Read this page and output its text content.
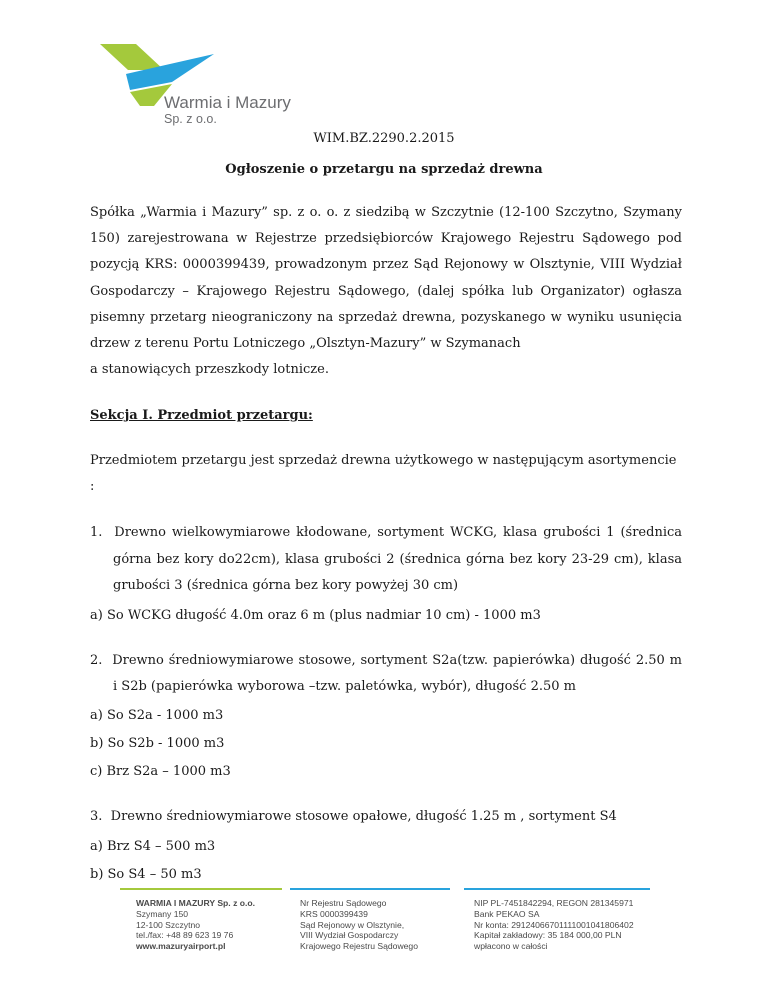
Warmia i Mazury
Sp. z o.o.
WIM.BZ.2290.2.2015
Ogłoszenie o przetargu na sprzedaż drewna

Spółka „Warmia i Mazury” sp. z o. o. z siedzibą w Szczytnie (12-100 Szczytno, Szymany 150) zarejestrowana w Rejestrze przedsiębiorców Krajowego Rejestru Sądowego pod pozycją KRS: 0000399439, prowadzonym przez Sąd Rejonowy w Olsztynie, VIII Wydział Gospodarczy – Krajowego Rejestru Sądowego, (dalej spółka lub Organizator) ogłasza pisemny przetarg nieograniczony na sprzedaż drewna, pozyskanego w wyniku usunięcia drzew z terenu Portu Lotniczego „Olsztyn-Mazury” w Szymanach

a stanowiących przeszkody lotnicze.

Sekcja I. Przedmiot przetargu:

Przedmiotem przetargu jest sprzedaż drewna użytkowego w następującym asortymencie
:

1. Drewno wielkowymiarowe kłodowane, sortyment WCKG, klasa grubości 1 (średnica górna bez kory do22cm), klasa grubości 2 (średnica górna bez kory 23-29 cm), klasa grubości 3 (średnica górna bez kory powyżej 30 cm)

a) So WCKG długość 4.0m oraz 6 m (plus nadmiar 10 cm) - 1000 m3

2. Drewno średniowymiarowe stosowe, sortyment S2a(tzw. papierówka) długość 2.50 m i S2b (papierówka wyborowa –tzw. paletówka, wybór), długość 2.50 m

a) So S2a - 1000 m3

b) So S2b - 1000 m3

c) Brz S2a – 1000 m3

3. Drewno średniowymiarowe stosowe opałowe, długość 1.25 m , sortyment S4

a) Brz S4 – 500 m3

b) So S4 – 50 m3

WARMIA I MAZURY Sp. z o.o.
Szymany 150
12-100 Szczytno
tel./fax: +48 89 623 19 76
www.mazuryairport.pl
Nr Rejestru Sądowego
KRS 0000399439
Sąd Rejonowy w Olsztynie,
VIII Wydział Gospodarczy
Krajowego Rejestru Sądowego
NIP PL-7451842294, REGON 281345971
Bank PEKAO SA
Nr konta: 29124066701111001041806402
Kapitał zakładowy: 35 184 000,00 PLN
wpłacono w całości
